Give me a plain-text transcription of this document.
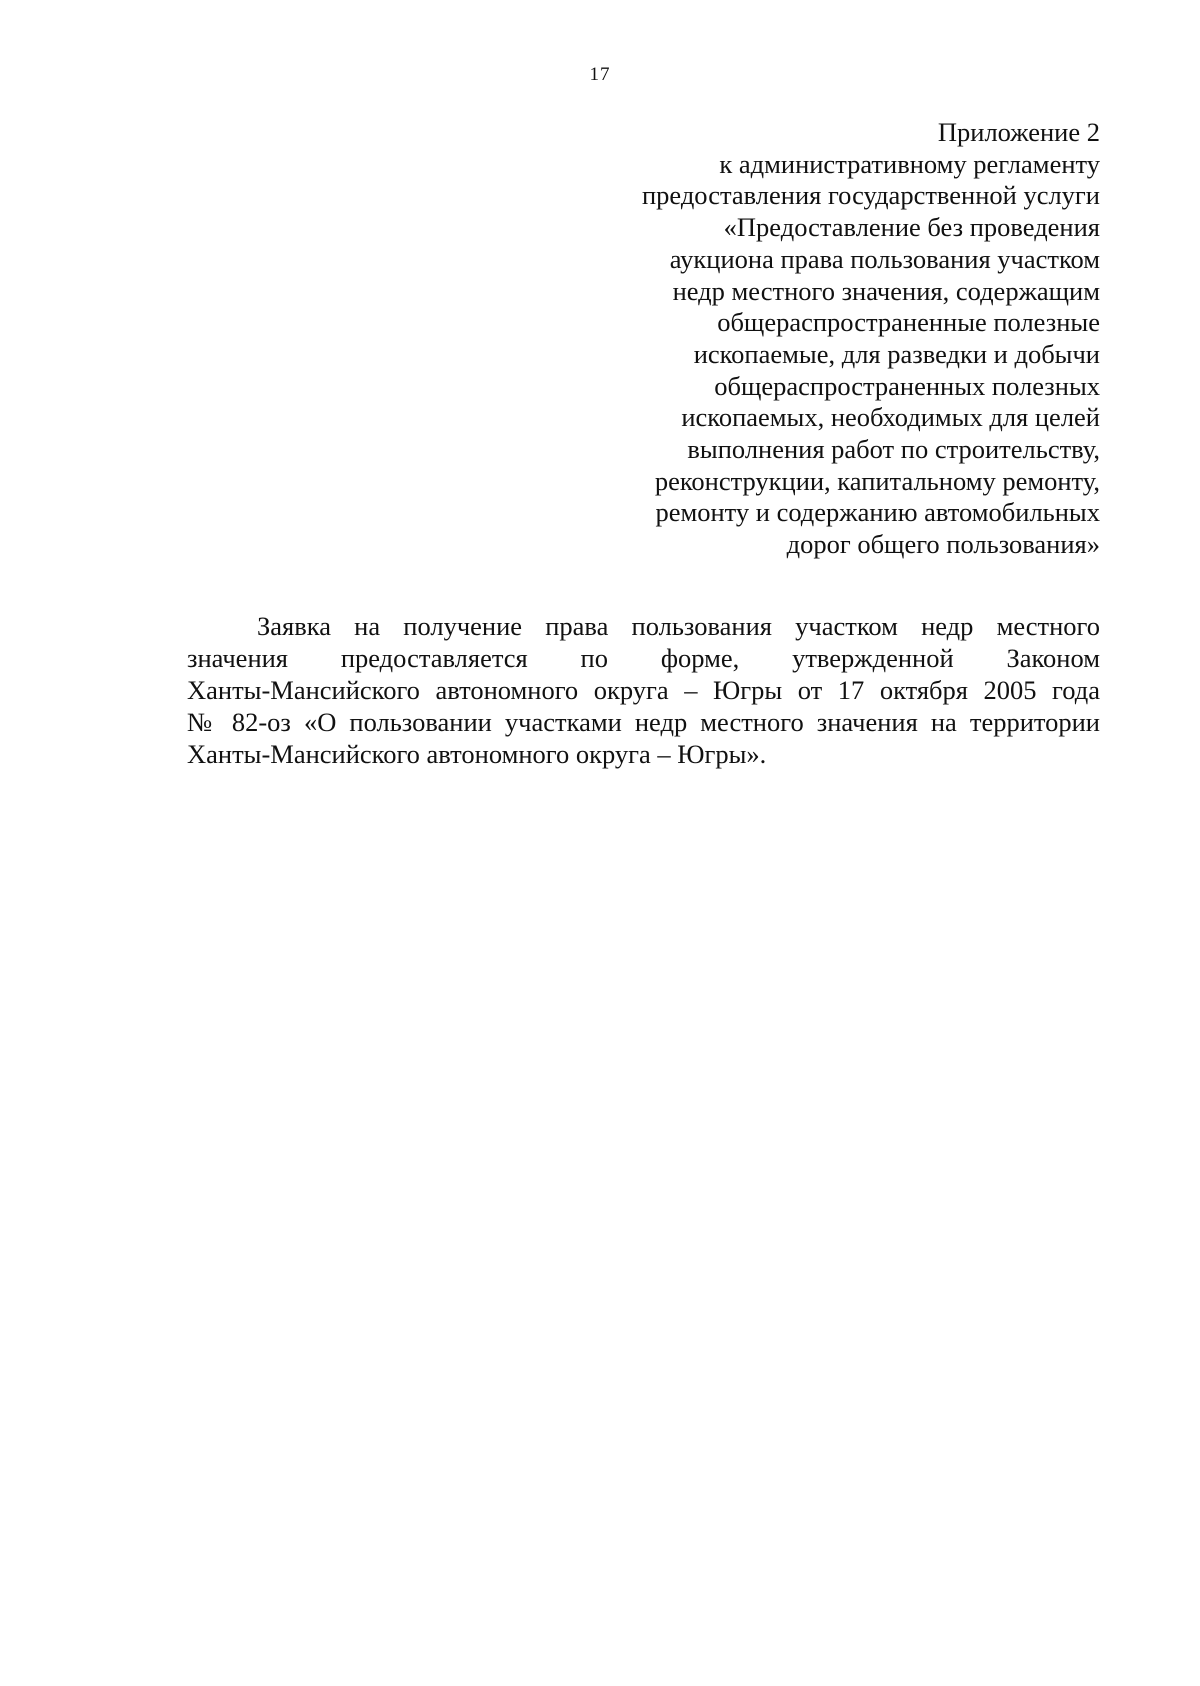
17
Приложение 2
к административному регламенту
предоставления государственной услуги
«Предоставление без проведения
аукциона права пользования участком
недр местного значения, содержащим
общераспространенные полезные
ископаемые, для разведки и добычи
общераспространенных полезных
ископаемых, необходимых для целей
выполнения работ по строительству,
реконструкции, капитальному ремонту,
ремонту и содержанию автомобильных
дорог общего пользования»
Заявка на получение права пользования участком недр местного
значения предоставляется по форме, утвержденной Законом
Ханты-Мансийского автономного округа – Югры от 17 октября 2005 года
№ 82-оз «О пользовании участками недр местного значения на территории
Ханты-Мансийского автономного округа – Югры».
